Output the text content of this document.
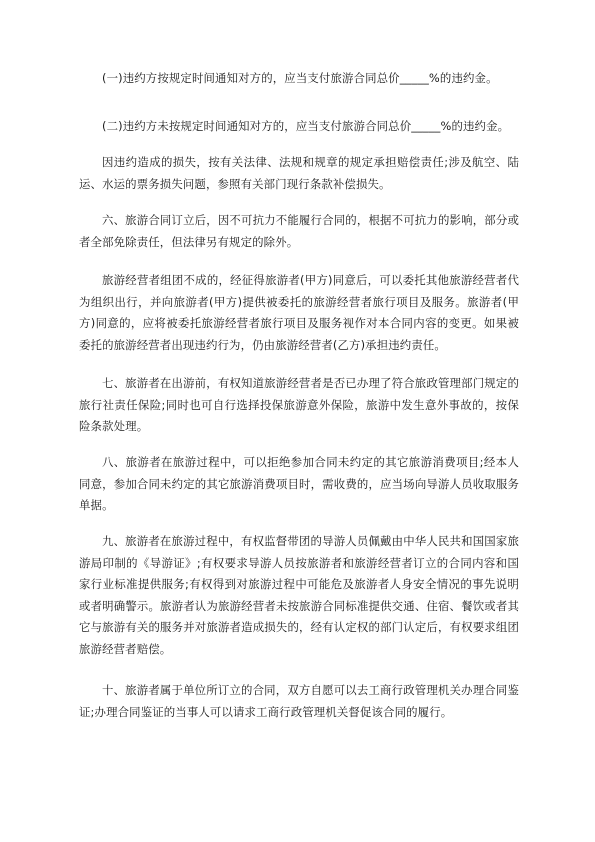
(一)违约方按规定时间通知对方的，应当支付旅游合同总价_____%的违约金。

(二)违约方未按规定时间通知对方的，应当支付旅游合同总价_____%的违约金。

因违约造成的损失，按有关法律、法规和规章的规定承担赔偿责任;涉及航空、陆运、水运的票务损失问题，参照有关部门现行条款补偿损失。

六、旅游合同订立后，因不可抗力不能履行合同的，根据不可抗力的影响，部分或者全部免除责任，但法律另有规定的除外。

旅游经营者组团不成的，经征得旅游者(甲方)同意后，可以委托其他旅游经营者代为组织出行，并向旅游者(甲方)提供被委托的旅游经营者旅行项目及服务。旅游者(甲方)同意的，应将被委托旅游经营者旅行项目及服务视作对本合同内容的变更。如果被委托的旅游经营者出现违约行为，仍由旅游经营者(乙方)承担违约责任。

七、旅游者在出游前，有权知道旅游经营者是否已办理了符合旅政管理部门规定的旅行社责任保险;同时也可自行选择投保旅游意外保险，旅游中发生意外事故的，按保险条款处理。

八、旅游者在旅游过程中，可以拒绝参加合同未约定的其它旅游消费项目;经本人同意，参加合同未约定的其它旅游消费项目时，需收费的，应当场向导游人员收取服务单据。

九、旅游者在旅游过程中，有权监督带团的导游人员佩戴由中华人民共和国国家旅游局印制的《导游证》;有权要求导游人员按旅游者和旅游经营者订立的合同内容和国家行业标准提供服务;有权得到对旅游过程中可能危及旅游者人身安全情况的事先说明或者明确警示。旅游者认为旅游经营者未按旅游合同标准提供交通、住宿、餐饮或者其它与旅游有关的服务并对旅游者造成损失的，经有认定权的部门认定后，有权要求组团旅游经营者赔偿。

十、旅游者属于单位所订立的合同，双方自愿可以去工商行政管理机关办理合同鉴证;办理合同鉴证的当事人可以请求工商行政管理机关督促该合同的履行。
